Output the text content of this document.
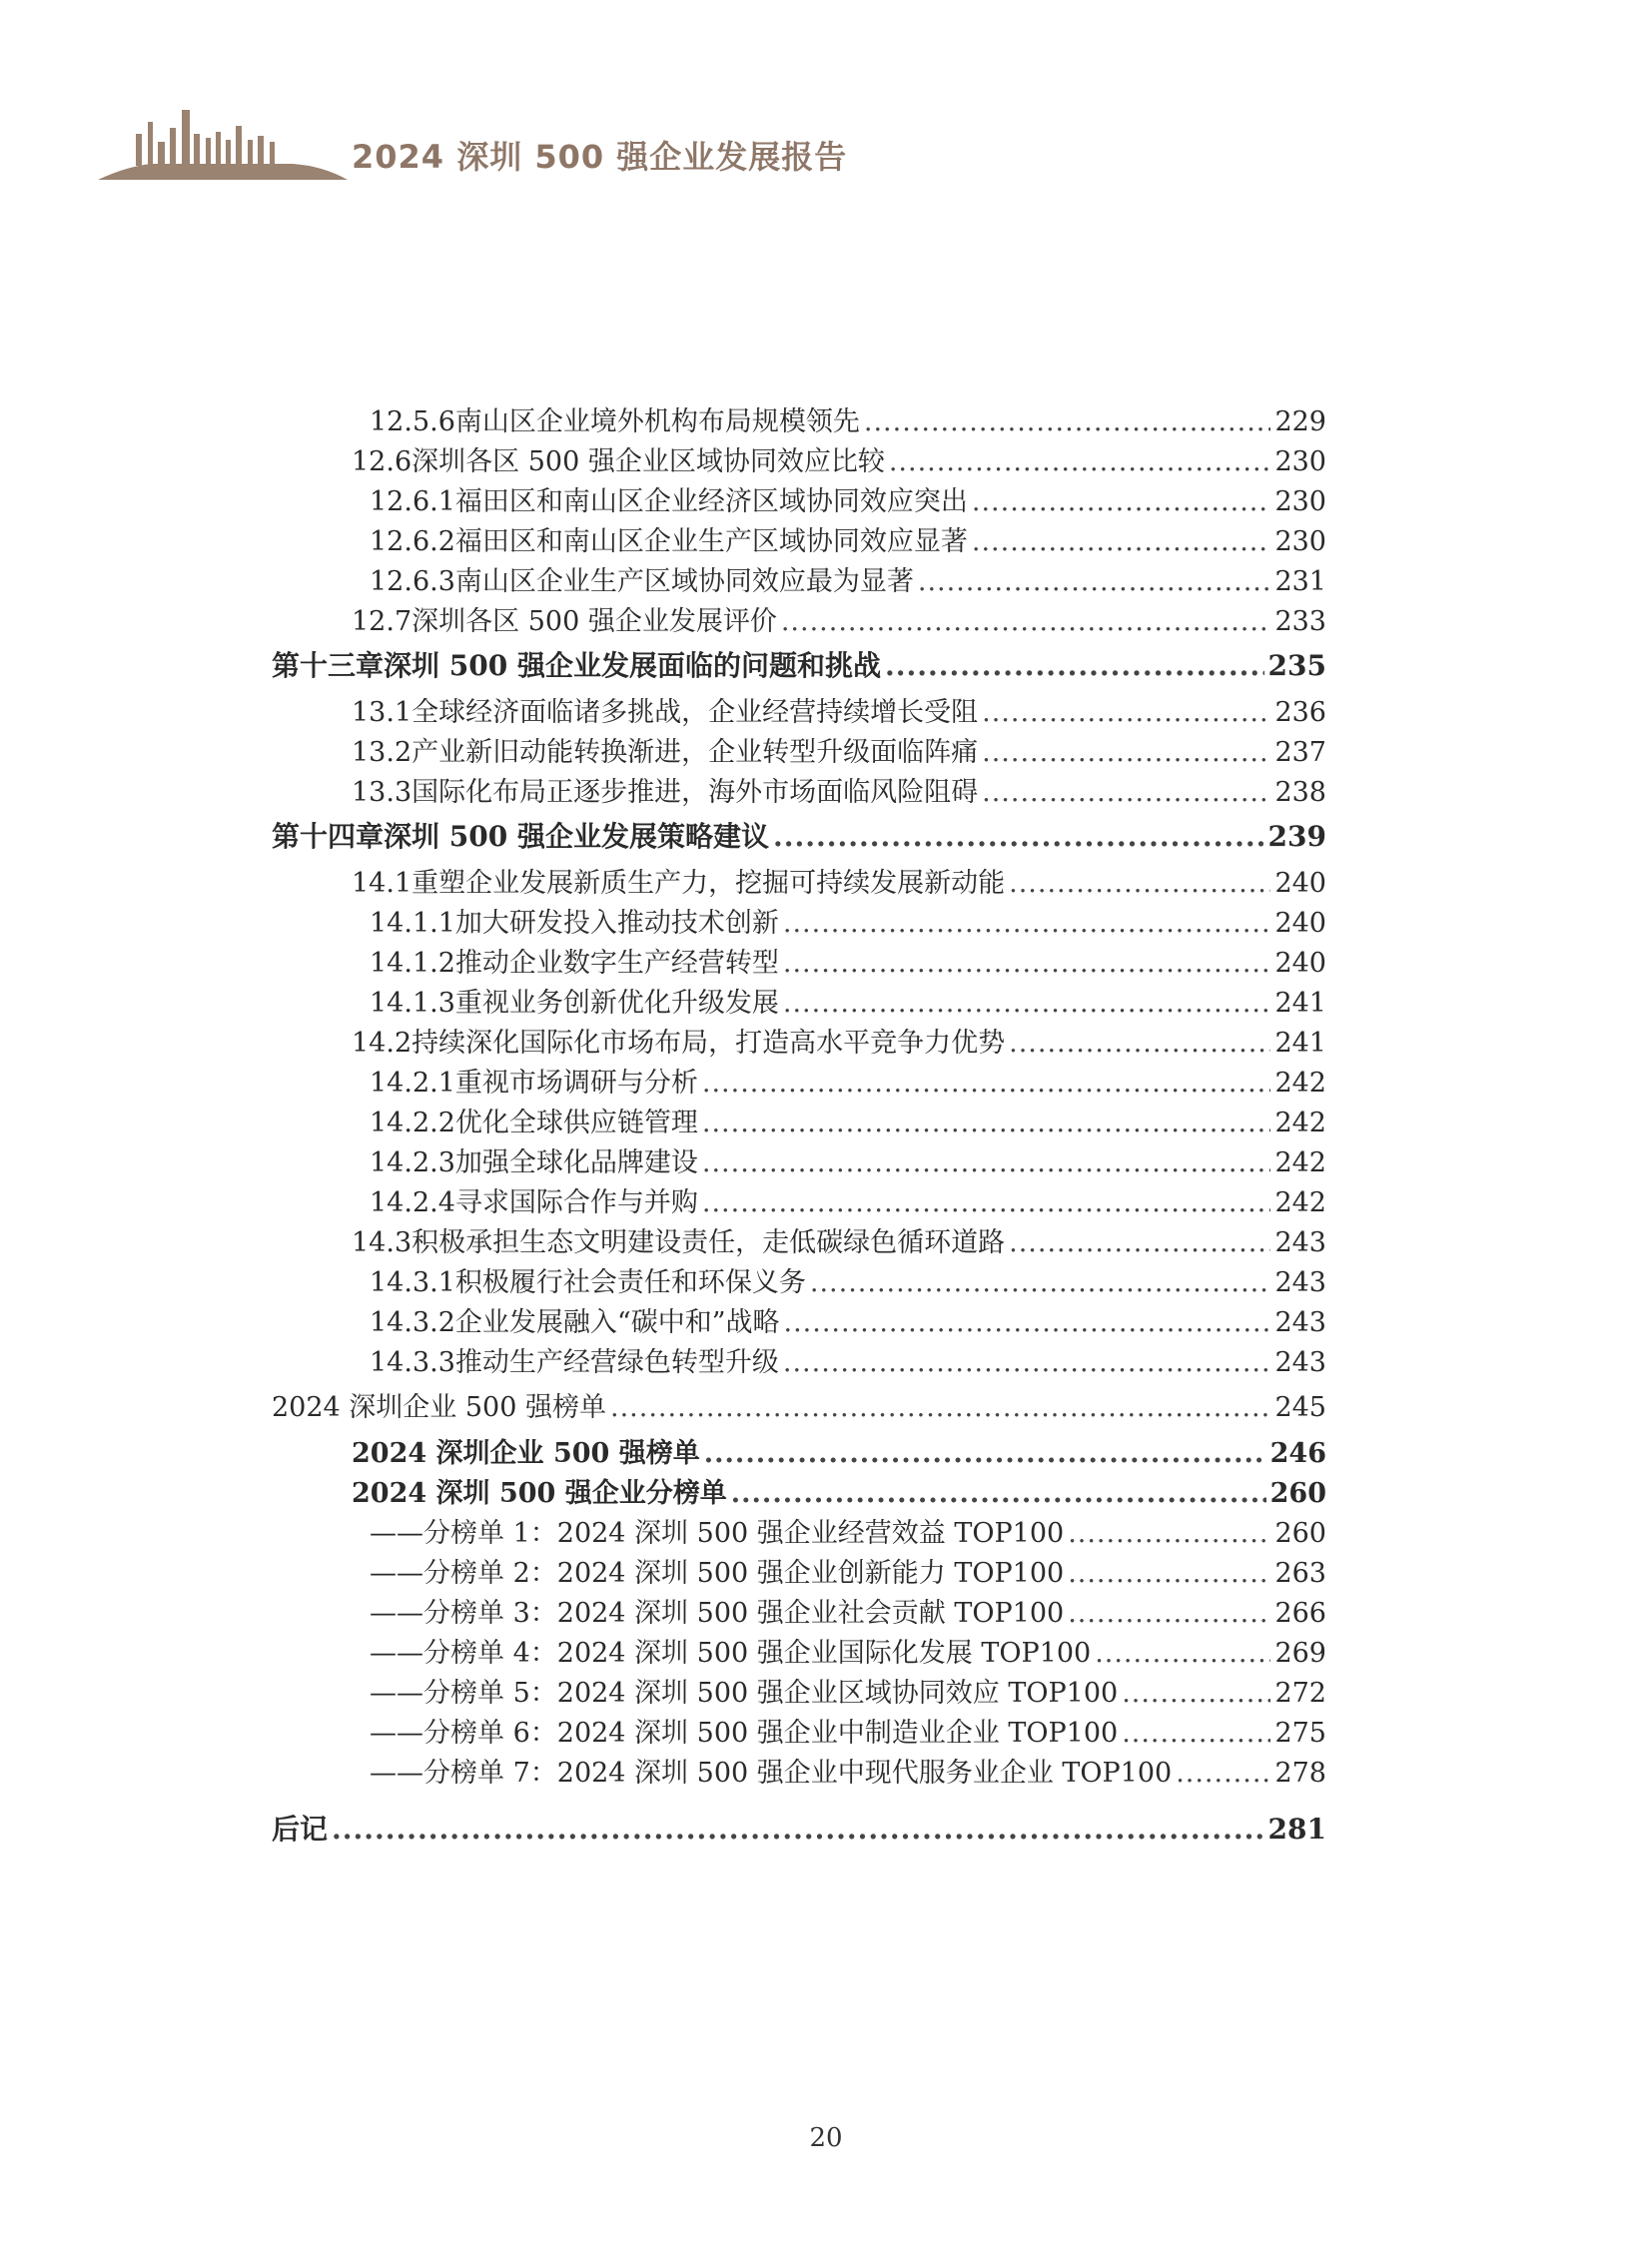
2024 深圳 500 强企业发展报告
12.5.6 南山区企业境外机构布局规模领先 .....	229
12.6 深圳各区 500 强企业区域协同效应比较 .....	230
12.6.1 福田区和南山区企业经济区域协同效应突出 .....	230
12.6.2 福田区和南山区企业生产区域协同效应显著 .....	230
12.6.3 南山区企业生产区域协同效应最为显著 .....	231
12.7 深圳各区 500 强企业发展评价 .....	233
第十三章 深圳 500 强企业发展面临的问题和挑战 .....	235
13.1 全球经济面临诸多挑战，企业经营持续增长受阻 .....	236
13.2 产业新旧动能转换渐进，企业转型升级面临阵痛 .....	237
13.3 国际化布局正逐步推进，海外市场面临风险阻碍 .....	238
第十四章 深圳 500 强企业发展策略建议 .....	239
14.1 重塑企业发展新质生产力，挖掘可持续发展新动能 .....	240
14.1.1 加大研发投入推动技术创新 .....	240
14.1.2 推动企业数字生产经营转型 .....	240
14.1.3 重视业务创新优化升级发展 .....	241
14.2 持续深化国际化市场布局，打造高水平竞争力优势 .....	241
14.2.1 重视市场调研与分析 .....	242
14.2.2 优化全球供应链管理 .....	242
14.2.3 加强全球化品牌建设 .....	242
14.2.4 寻求国际合作与并购 .....	242
14.3 积极承担生态文明建设责任，走低碳绿色循环道路 .....	243
14.3.1 积极履行社会责任和环保义务 .....	243
14.3.2 企业发展融入“碳中和”战略 .....	243
14.3.3 推动生产经营绿色转型升级 .....	243
2024 深圳企业 500 强榜单 .....	245
2024 深圳企业 500 强榜单 .....	246
2024 深圳 500 强企业分榜单 .....	260
——分榜单 1：2024 深圳 500 强企业经营效益 TOP100 .....	260
——分榜单 2：2024 深圳 500 强企业创新能力 TOP100 .....	263
——分榜单 3：2024 深圳 500 强企业社会贡献 TOP100 .....	266
——分榜单 4：2024 深圳 500 强企业国际化发展 TOP100 .....	269
——分榜单 5：2024 深圳 500 强企业区域协同效应 TOP100 .....	272
——分榜单 6：2024 深圳 500 强企业中制造业企业 TOP100 .....	275
——分榜单 7：2024 深圳 500 强企业中现代服务业企业 TOP100 .....	278
后记 .....	281
20
